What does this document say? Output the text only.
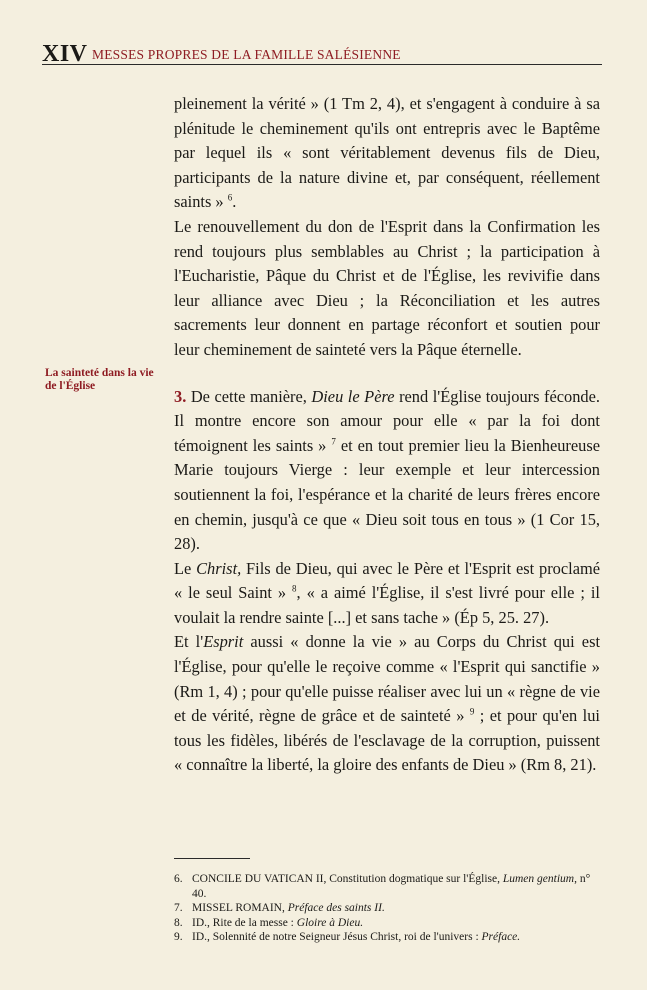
XIV MESSES PROPRES DE LA FAMILLE SALÉSIENNE
La sainteté dans la vie de l'Église

pleinement la vérité » (1 Tm 2, 4), et s'engagent à conduire à sa plénitude le cheminement qu'ils ont entrepris avec le Baptême par lequel ils « sont véritablement devenus fils de Dieu, participants de la nature divine et, par conséquent, réellement saints » $^6$.

Le renouvellement du don de l'Esprit dans la Confirmation les rend toujours plus semblables au Christ ; la participation à l'Eucharistie, Pâque du Christ et de l'Église, les revivifie dans leur alliance avec Dieu ; la Réconciliation et les autres sacrements leur donnent en partage réconfort et soutien pour leur cheminement de sainteté vers la Pâque éternelle.

3. De cette manière, Dieu le Père rend l'Église toujours féconde. Il montre encore son amour pour elle « par la foi dont témoignent les saints » $^7$ et en tout premier lieu la Bienheureuse Marie toujours Vierge : leur exemple et leur intercession soutiennent la foi, l'espérance et la charité de leurs frères encore en chemin, jusqu'à ce que « Dieu soit tous en tous » (1 Cor 15, 28).

Le Christ, Fils de Dieu, qui avec le Père et l'Esprit est proclamé « le seul Saint » $^8$, « a aimé l'Église, il s'est livré pour elle ; il voulait la rendre sainte [...] et sans tache » (Ép 5, 25. 27).

Et l'Esprit aussi « donne la vie » au Corps du Christ qui est l'Église, pour qu'elle le reçoive comme « l'Esprit qui sanctifie » (Rm 1, 4) ; pour qu'elle puisse réaliser avec lui un « règne de vie et de vérité, règne de grâce et de sainteté » $^9$ ; et pour qu'en lui tous les fidèles, libérés de l'esclavage de la corruption, puissent « connaître la liberté, la gloire des enfants de Dieu » (Rm 8, 21).

6. CONCILE DU VATICAN II, Constitution dogmatique sur l'Église, Lumen gentium, n° 40.
7. MISSEL ROMAIN, Préface des saints II.
8. ID., Rite de la messe : Gloire à Dieu.
9. ID., Solennité de notre Seigneur Jésus Christ, roi de l'univers : Préface.
